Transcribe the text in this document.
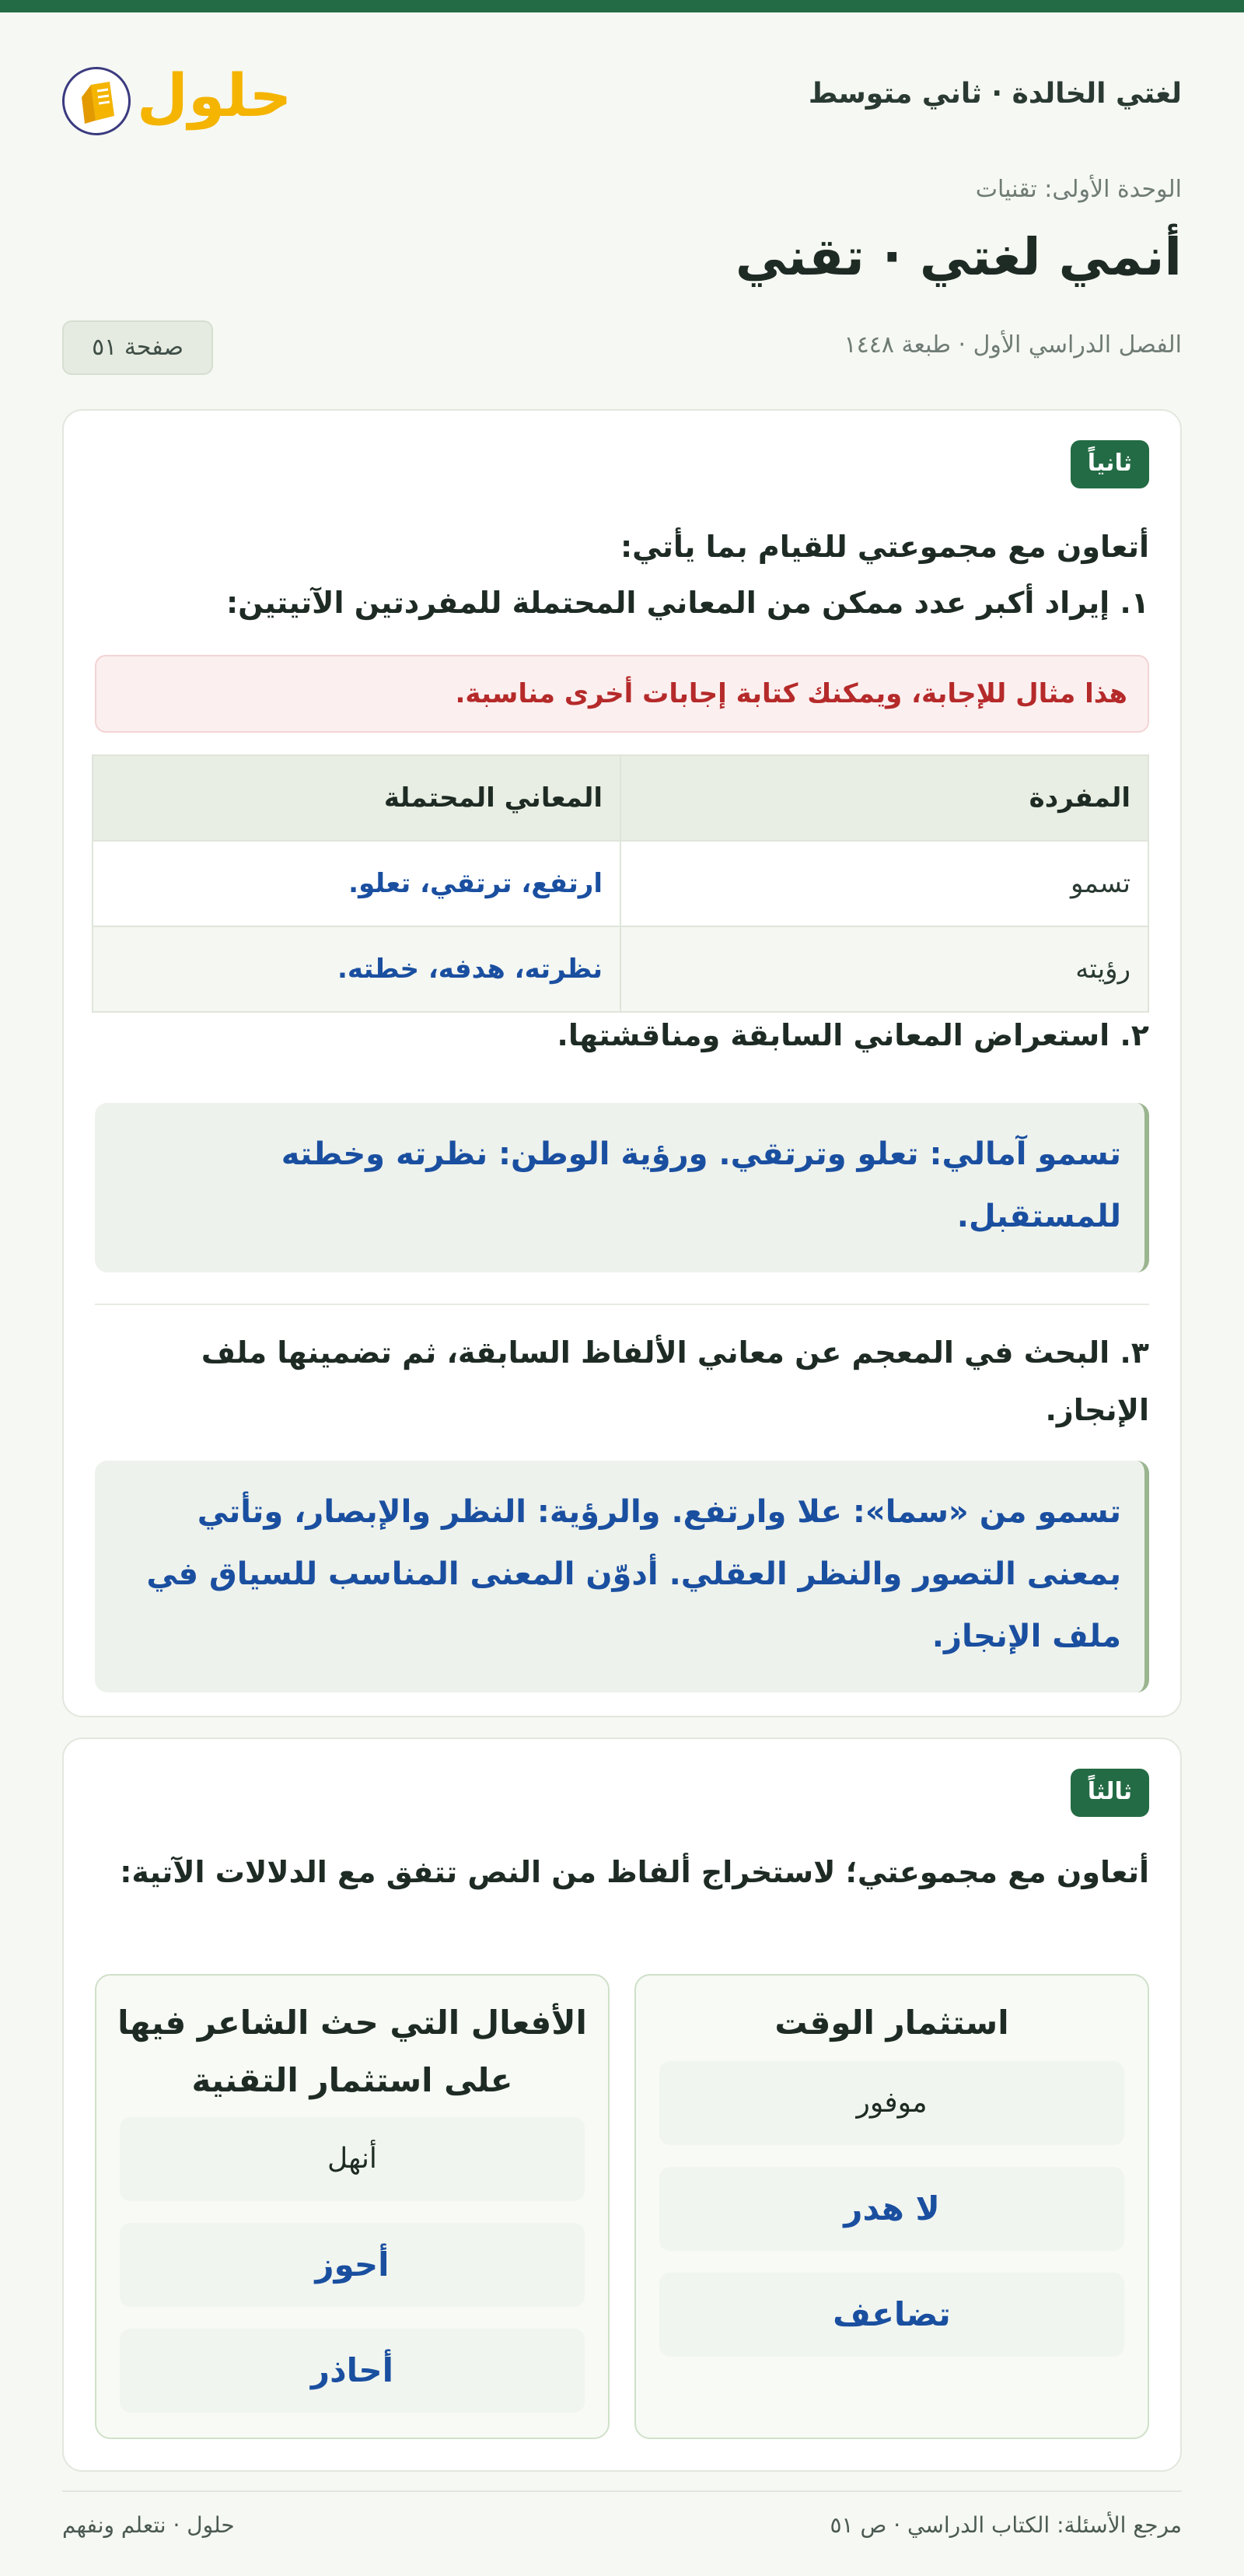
لغتي الخالدة · ثاني متوسط
حلول
الوحدة الأولى: تقنيات
أنمي لغتي · تقني
الفصل الدراسي الأول · طبعة ١٤٤٨
صفحة ٥١
ثانياً
أتعاون مع مجموعتي للقيام بما يأتي:
١. إيراد أكبر عدد ممكن من المعاني المحتملة للمفردتين الآتيتين:
هذا مثال للإجابة، ويمكنك كتابة إجابات أخرى مناسبة.
المفردة	المعاني المحتملة
تسمو	ارتفع، ترتقي، تعلو.
رؤيته	نظرته، هدفه، خطته.
٢. استعراض المعاني السابقة ومناقشتها.
تسمو آمالي: تعلو وترتقي. ورؤية الوطن: نظرته وخطته للمستقبل.
٣. البحث في المعجم عن معاني الألفاظ السابقة، ثم تضمينها ملف الإنجاز.
تسمو من «سما»: علا وارتفع. والرؤية: النظر والإبصار، وتأتي بمعنى التصور والنظر العقلي. أدوّن المعنى المناسب للسياق في ملف الإنجاز.
ثالثاً
أتعاون مع مجموعتي؛ لاستخراج ألفاظ من النص تتفق مع الدلالات الآتية:
استثمار الوقت
موفور
لا هدر
تضاعف
الأفعال التي حث الشاعر فيها على استثمار التقنية
أنهل
أحوز
أحاذر
مرجع الأسئلة: الكتاب الدراسي · ص ٥١
حلول · نتعلم ونفهم
